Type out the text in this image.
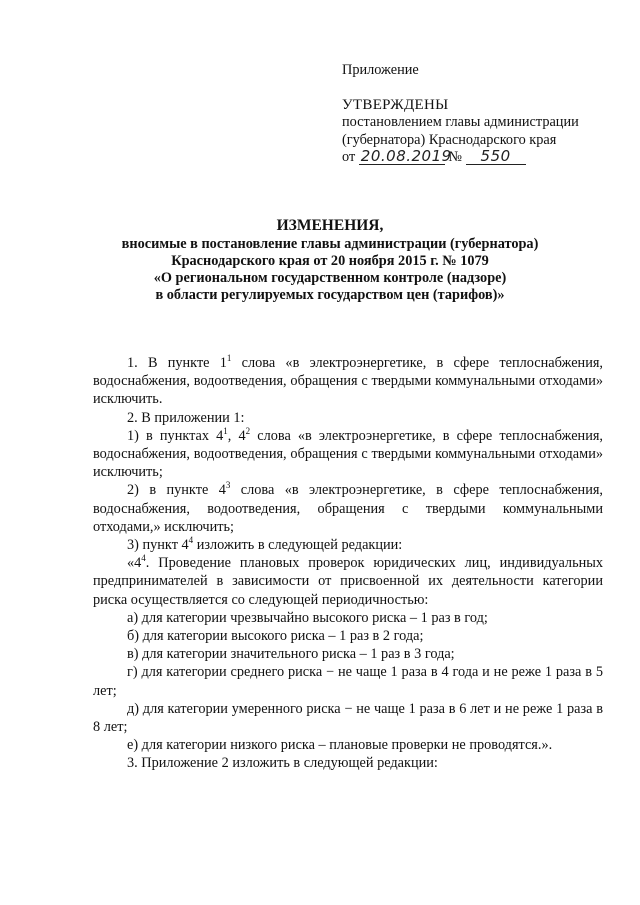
Приложение
УТВЕРЖДЕНЫ
постановлением главы администрации
(губернатора) Краснодарского края
от 20.08.2019 № 550
ИЗМЕНЕНИЯ,
вносимые в постановление главы администрации (губернатора)
Краснодарского края от 20 ноября 2015 г. № 1079
«О региональном государственном контроле (надзоре)
в области регулируемых государством цен (тарифов)»

1. В пункте $1^1$ слова «в электроэнергетике, в сфере теплоснабжения, водоснабжения, водоотведения, обращения с твердыми коммунальными отходами» исключить.

2. В приложении 1:

1) в пунктах $4^1$, $4^2$ слова «в электроэнергетике, в сфере теплоснабжения, водоснабжения, водоотведения, обращения с твердыми коммунальными отходами» исключить;

2) в пункте $4^3$ слова «в электроэнергетике, в сфере теплоснабжения, водоснабжения, водоотведения, обращения с твердыми коммунальными отходами,» исключить;

3) пункт $4^4$ изложить в следующей редакции:

«$4^4$. Проведение плановых проверок юридических лиц, индивидуальных предпринимателей в зависимости от присвоенной их деятельности категории риска осуществляется со следующей периодичностью:

а) для категории чрезвычайно высокого риска – 1 раз в год;

б) для категории высокого риска – 1 раз в 2 года;

в) для категории значительного риска – 1 раз в 3 года;

г) для категории среднего риска − не чаще 1 раза в 4 года и не реже 1 раза в 5 лет;

д) для категории умеренного риска − не чаще 1 раза в 6 лет и не реже 1 раза в 8 лет;

е) для категории низкого риска – плановые проверки не проводятся.».

3. Приложение 2 изложить в следующей редакции:
